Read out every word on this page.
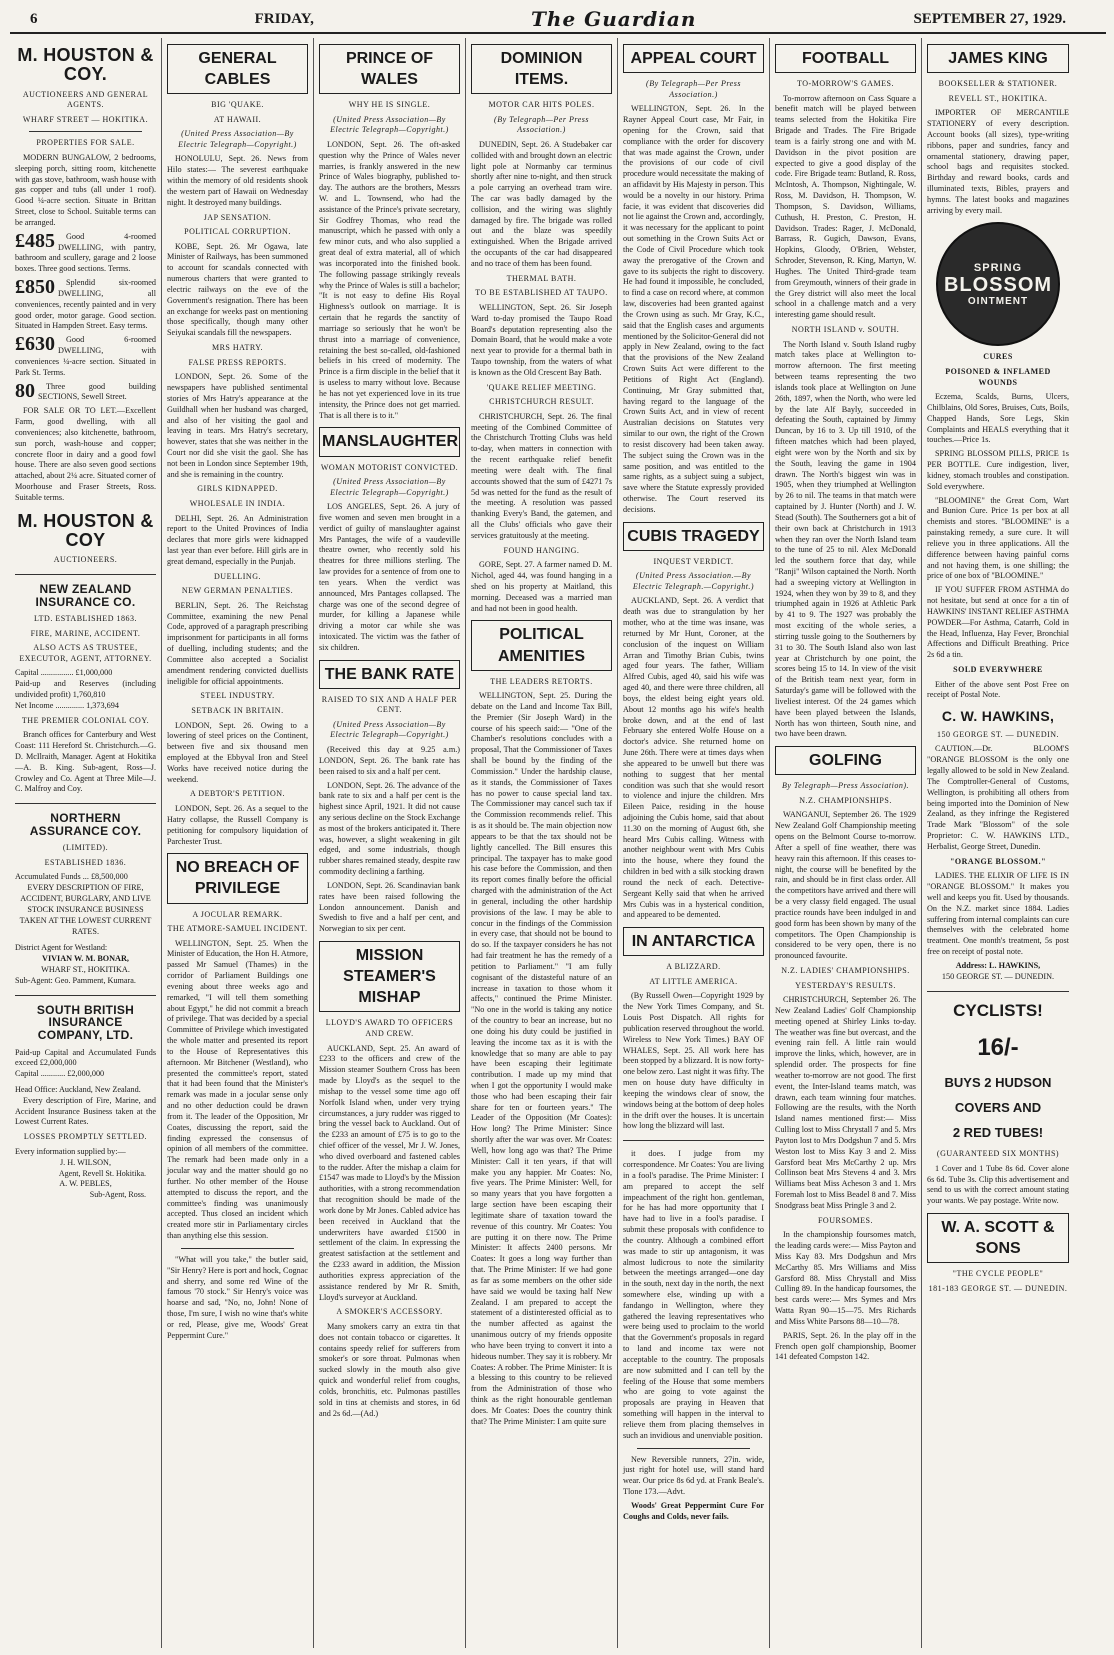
6	FRIDAY,	The Guardian	SEPTEMBER 27, 1929.
M. HOUSTON & COY.
AUCTIONEERS AND GENERAL AGENTS.
WHARF STREET — HOKITIKA.
PROPERTIES FOR SALE.

MODERN BUNGALOW, 2 bedrooms, sleeping porch, sitting room, kitchenette with gas stove, bathroom, wash house with gas copper and tubs (all under 1 roof). Good ¼-acre section. Situate in Brittan Street, close to School. Suitable terms can be arranged.

£485	Good 4-roomed DWELLING, with pantry, bathroom and scullery, garage and 2 loose boxes. Three good sections. Terms.

£850	Splendid six-roomed DWELLING, all conveniences, recently painted and in very good order, motor garage. Good section. Situated in Hampden Street. Easy terms.

£630	Good 6-roomed DWELLING, with conveniences ¼-acre section. Situated in Park St. Terms.

80	Three good building SECTIONS, Sewell Street.

FOR SALE OR TO LET.—Excellent Farm, good dwelling, with all conveniences; also kitchenette, bathroom, sun porch, wash-house and copper; concrete floor in dairy and a good fowl house. There are also seven good sections attached, about 2¼ acre. Situated corner of Moorhouse and Fraser Streets, Ross. Suitable terms.

M. HOUSTON & COY
AUCTIONEERS.
NEW ZEALAND INSURANCE CO.
LTD. ESTABLISHED 1863.
FIRE, MARINE, ACCIDENT.
ALSO ACTS AS TRUSTEE, EXECUTOR, AGENT, ATTORNEY.
Capital ................ £1,000,000
Paid-up and Reserves (including undivided profit) 1,760,810
Net Income .............. 1,373,694
THE PREMIER COLONIAL COY.

Branch offices for Canterbury and West Coast: 111 Hereford St. Christchurch.—G. D. McIlraith, Manager. Agent at Hokitika—A. B. King. Sub-agent, Ross—J. Crowley and Co. Agent at Three Mile—J. C. Malfroy and Coy.

NORTHERN ASSURANCE COY.
(LIMITED).
ESTABLISHED 1836.
Accumulated Funds ... £8,500,000
EVERY DESCRIPTION OF FIRE, ACCIDENT, BURGLARY, AND LIVE STOCK INSURANCE BUSINESS TAKEN AT THE LOWEST CURRENT RATES.
District Agent for Westland:
VIVIAN W. M. BONAR,
WHARF ST., HOKITIKA.
Sub-Agent: Geo. Pamment, Kumara.
SOUTH BRITISH INSURANCE COMPANY, LTD.
Paid-up Capital and Accumulated Funds exceed £2,000,000
Capital ............ £2,000,000
Head Office: Auckland, New Zealand.

Every description of Fire, Marine, and Accident Insurance Business taken at the Lowest Current Rates.

LOSSES PROMPTLY SETTLED.
Every information supplied by:—
J. H. WILSON,
Agent, Revell St. Hokitika.
A. W. PEBLES,
Sub-Agent, Ross.
GENERAL CABLES
BIG 'QUAKE.
AT HAWAII.
(United Press Association—By Electric Telegraph—Copyright.)

HONOLULU, Sept. 26. News from Hilo states:— The severest earthquake within the memory of old residents shook the western part of Hawaii on Wednesday night. It destroyed many buildings.

JAP SENSATION.
POLITICAL CORRUPTION.

KOBE, Sept. 26. Mr Ogawa, late Minister of Railways, has been summoned to account for scandals connected with numerous charters that were granted to electric railways on the eve of the Government's resignation. There has been an exchange for weeks past on mentioning those specifically, though many other Seiyukai scandals fill the newspapers.

MRS HATRY.
FALSE PRESS REPORTS.

LONDON, Sept. 26. Some of the newspapers have published sentimental stories of Mrs Hatry's appearance at the Guildhall when her husband was charged, and also of her visiting the gaol and leaving in tears. Mrs Hatry's secretary, however, states that she was neither in the Court nor did she visit the gaol. She has not been in London since September 19th, and she is remaining in the country.

GIRLS KIDNAPPED.
WHOLESALE IN INDIA.

DELHI, Sept. 26. An Administration report to the United Provinces of India declares that more girls were kidnapped last year than ever before. Hill girls are in great demand, especially in the Punjab.

DUELLING.
NEW GERMAN PENALTIES.

BERLIN, Sept. 26. The Reichstag Committee, examining the new Penal Code, approved of a paragraph prescribing imprisonment for participants in all forms of duelling, including students; and the Committee also accepted a Socialist amendment rendering convicted duellists ineligible for official appointments.

STEEL INDUSTRY.
SETBACK IN BRITAIN.

LONDON, Sept. 26. Owing to a lowering of steel prices on the Continent, between five and six thousand men employed at the Ebbyval Iron and Steel Works have received notice during the weekend.

A DEBTOR'S PETITION.

LONDON, Sept. 26. As a sequel to the Hatry collapse, the Russell Company is petitioning for compulsory liquidation of Parchester Trust.

NO BREACH OF PRIVILEGE
A JOCULAR REMARK.
THE ATMORE-SAMUEL INCIDENT.

WELLINGTON, Sept. 25. When the Minister of Education, the Hon H. Atmore, passed Mr Samuel (Thames) in the corridor of Parliament Buildings one evening about three weeks ago and remarked, "I will tell them something about Egypt," he did not commit a breach of privilege. That was decided by a special Committee of Privilege which investigated the whole matter and presented its report to the House of Representatives this afternoon. Mr Bitchener (Westland), who presented the committee's report, stated that it had been found that the Minister's remark was made in a jocular sense only and no other deduction could be drawn from it. The leader of the Opposition, Mr Coates, discussing the report, said the finding expressed the consensus of opinion of all members of the committee. The remark had been made only in a jocular way and the matter should go no further. No other member of the House attempted to discuss the report, and the committee's finding was unanimously accepted. Thus closed an incident which created more stir in Parliamentary circles than anything else this session.

"What will you take," the butler said, "Sir Henry? Here is port and hock, Cognac and sherry, and some red Wine of the famous '70 stock." Sir Henry's voice was hoarse and sad, "No, no, John! None of those, I'm sure, I wish no wine that's white or red, Please, give me, Woods' Great Peppermint Cure."

PRINCE OF WALES
WHY HE IS SINGLE.
(United Press Association—By Electric Telegraph—Copyright.)

LONDON, Sept. 26. The oft-asked question why the Prince of Wales never marries, is frankly answered in the new Prince of Wales biography, published to-day. The authors are the brothers, Messrs W. and L. Townsend, who had the assistance of the Prince's private secretary, Sir Godfrey Thomas, who read the manuscript, which he passed with only a few minor cuts, and who also supplied a great deal of extra material, all of which was incorporated into the finished book. The following passage strikingly reveals why the Prince of Wales is still a bachelor; "It is not easy to define His Royal Highness's outlook on marriage. It is certain that he regards the sanctity of marriage so seriously that he won't be thrust into a marriage of convenience, retaining the best so-called, old-fashioned beliefs in his creed of modernity. The Prince is a firm disciple in the belief that it is useless to marry without love. Because he has not yet experienced love in its true intensity, the Prince does not get married. That is all there is to it."

MANSLAUGHTER
WOMAN MOTORIST CONVICTED.
(United Press Association—By Electric Telegraph—Copyright.)

LOS ANGELES, Sept. 26. A jury of five women and seven men brought in a verdict of guilty of manslaughter against Mrs Pantages, the wife of a vaudeville theatre owner, who recently sold his theatres for three millions sterling. The law provides for a sentence of from one to ten years. When the verdict was announced, Mrs Pantages collapsed. The charge was one of the second degree of murder, for killing a Japanese while driving a motor car while she was intoxicated. The victim was the father of six children.

THE BANK RATE
RAISED TO SIX AND A HALF PER CENT.
(United Press Association—By Electric Telegraph—Copyright.)

(Received this day at 9.25 a.m.) LONDON, Sept. 26. The bank rate has been raised to six and a half per cent.

LONDON, Sept. 26. The advance of the bank rate to six and a half per cent is the highest since April, 1921. It did not cause any serious decline on the Stock Exchange as most of the brokers anticipated it. There was, however, a slight weakening in gilt edged, and some industrials, though rubber shares remained steady, despite raw commodity declining a farthing.

LONDON, Sept. 26. Scandinavian bank rates have been raised following the London announcement. Danish and Swedish to five and a half per cent, and Norwegian to six per cent.

MISSION STEAMER'S MISHAP
LLOYD'S AWARD TO OFFICERS AND CREW.

AUCKLAND, Sept. 25. An award of £233 to the officers and crew of the Mission steamer Southern Cross has been made by Lloyd's as the sequel to the mishap to the vessel some time ago off Norfolk Island when, under very trying circumstances, a jury rudder was rigged to bring the vessel back to Auckland. Out of the £233 an amount of £75 is to go to the chief officer of the vessel, Mr J. W. Jones, who dived overboard and fastened cables to the rudder. After the mishap a claim for £1547 was made to Lloyd's by the Mission authorities, with a strong recommendation that recognition should be made of the work done by Mr Jones. Cabled advice has been received in Auckland that the underwriters have awarded £1500 in settlement of the claim. In expressing the greatest satisfaction at the settlement and the £233 award in addition, the Mission authorities express appreciation of the assistance rendered by Mr R. Smith, Lloyd's surveyor at Auckland.

A SMOKER'S ACCESSORY.

Many smokers carry an extra tin that does not contain tobacco or cigarettes. It contains speedy relief for sufferers from smoker's or sore throat. Pulmonas when sucked slowly in the mouth also give quick and wonderful relief from coughs, colds, bronchitis, etc. Pulmonas pastilles sold in tins at chemists and stores, in 6d and 2s 6d.—(Ad.)

DOMINION ITEMS.
MOTOR CAR HITS POLES.
(By Telegraph—Per Press Association.)

DUNEDIN, Sept. 26. A Studebaker car collided with and brought down an electric light pole at Normanby car terminus shortly after nine to-night, and then struck a pole carrying an overhead tram wire. The car was badly damaged by the collision, and the wiring was slightly damaged by fire. The brigade was rolled out and the blaze was speedily extinguished. When the Brigade arrived the occupants of the car had disappeared and no trace of them has been found.

THERMAL BATH.
TO BE ESTABLISHED AT TAUPO.

WELLINGTON, Sept. 26. Sir Joseph Ward to-day promised the Taupo Road Board's deputation representing also the Domain Board, that he would make a vote next year to provide for a thermal bath in Taupo township, from the waters of what is known as the Old Crescent Bay Bath.

'QUAKE RELIEF MEETING.
CHRISTCHURCH RESULT.

CHRISTCHURCH, Sept. 26. The final meeting of the Combined Committee of the Christchurch Trotting Clubs was held to-day, when matters in connection with the recent earthquake relief benefit meeting were dealt with. The final accounts showed that the sum of £4271 7s 5d was netted for the fund as the result of the meeting. A resolution was passed thanking Every's Band, the gatemen, and all the Clubs' officials who gave their services gratuitously at the meeting.

FOUND HANGING.

GORE, Sept. 27. A farmer named D. M. Nichol, aged 44, was found hanging in a shed on his property at Maitland, this morning. Deceased was a married man and had not been in good health.

POLITICAL AMENITIES
THE LEADERS RETORTS.

WELLINGTON, Sept. 25. During the debate on the Land and Income Tax Bill, the Premier (Sir Joseph Ward) in the course of his speech said:— "One of the Chamber's resolutions concludes with a proposal, That the Commissioner of Taxes shall be bound by the finding of the Commission." Under the hardship clause, as it stands, the Commissioner of Taxes has no power to cause special land tax. The Commissioner may cancel such tax if the Commission recommends relief. This is as it should be. The main objection now appears to be that the tax should not be lightly cancelled. The Bill ensures this principal. The taxpayer has to make good his case before the Commission, and then its report comes finally before the official charged with the administration of the Act in general, including the other hardship provisions of the law. I may be able to concur in the findings of the Commission in every case, that should not be bound to do so. If the taxpayer considers he has not had fair treatment he has the remedy of a petition to Parliament." "I am fully cognisant of the distasteful nature of an increase in taxation to those whom it affects," continued the Prime Minister. "No one in the world is taking any notice of the country to bear an increase, but no one doing his duty could be justified in leaving the income tax as it is with the knowledge that so many are able to pay have been escaping their legitimate contribution. I made up my mind that when I got the opportunity I would make those who had been escaping their fair share for ten or fourteen years." The Leader of the Opposition (Mr Coates): How long? The Prime Minister: Since shortly after the war was over. Mr Coates: Well, how long ago was that? The Prime Minister: Call it ten years, if that will make you any happier. Mr Coates: No, five years. The Prime Minister: Well, for so many years that you have forgotten a large section have been escaping their legitimate share of taxation toward the revenue of this country. Mr Coates: You are putting it on there now. The Prime Minister: It affects 2400 persons. Mr Coates: It goes a long way further than that. The Prime Minister: If we had gone as far as some members on the other side have said we would be taxing half New Zealand. I am prepared to accept the statement of a distinterested official as to the number affected as against the unanimous outcry of my friends opposite who have been trying to convert it into a hideous number. They say it is robbery. Mr Coates: A robber. The Prime Minister: It is a blessing to this country to be relieved from the Administration of those who think as the right honourable gentleman does. Mr Coates: Does the country think that? The Prime Minister: I am quite sure

APPEAL COURT
(By Telegraph—Per Press Association.)

WELLINGTON, Sept. 26. In the Rayner Appeal Court case, Mr Fair, in opening for the Crown, said that compliance with the order for discovery that was made against the Crown, under the provisions of our code of civil procedure would necessitate the making of an affidavit by His Majesty in person. This would be a novelty in our history. Prima facie, it was evident that discoveries did not lie against the Crown and, accordingly, it was necessary for the applicant to point out something in the Crown Suits Act or the Code of Civil Procedure which took away the prerogative of the Crown and gave to its subjects the right to discovery. He had found it impossible, he concluded, to find a case on record where, at common law, discoveries had been granted against the Crown using as such. Mr Gray, K.C., said that the English cases and arguments mentioned by the Solicitor-General did not apply in New Zealand, owing to the fact that the provisions of the New Zealand Crown Suits Act were different to the Petitions of Right Act (England). Continuing, Mr Gray submitted that, having regard to the language of the Crown Suits Act, and in view of recent Australian decisions on Statutes very similar to our own, the right of the Crown to resist discovery had been taken away. The subject suing the Crown was in the same position, and was entitled to the same rights, as a subject suing a subject, save where the Statute expressly provided otherwise. The Court reserved its decisions.

CUBIS TRAGEDY
INQUEST VERDICT.
(United Press Association.—By Electric Telegraph.—Copyright.)

AUCKLAND, Sept. 26. A verdict that death was due to strangulation by her mother, who at the time was insane, was returned by Mr Hunt, Coroner, at the conclusion of the inquest on William Arran and Timothy Brian Cubis, twins aged four years. The father, William Alfred Cubis, aged 40, said his wife was aged 40, and there were three children, all boys, the eldest being eight years old. About 12 months ago his wife's health broke down, and at the end of last February she entered Wolfe House on a doctor's advice. She returned home on June 26th. There were at times days when she appeared to be unwell but there was nothing to suggest that her mental condition was such that she would resort to violence and injure the children. Mrs Eileen Paice, residing in the house adjoining the Cubis home, said that about 11.30 on the morning of August 6th, she heard Mrs Cubis calling. Witness with another neighbour went with Mrs Cubis into the house, where they found the children in bed with a silk stocking drawn round the neck of each. Detective-Sergeant Kelly said that when he arrived Mrs Cubis was in a hysterical condition, and appeared to be demented.

IN ANTARCTICA
A BLIZZARD.
AT LITTLE AMERICA.

(By Russell Owen—Copyright 1929 by the New York Times Company, and St. Louis Post Dispatch. All rights for publication reserved throughout the world. Wireless to New York Times.) BAY OF WHALES, Sept. 25. All work here has been stopped by a blizzard. It is now forty-one below zero. Last night it was fifty. The men on house duty have difficulty in keeping the windows clear of snow, the windows being at the bottom of deep holes in the drift over the houses. It is uncertain how long the blizzard will last.

it does. I judge from my correspondence. Mr Coates: You are living in a fool's paradise. The Prime Minister: I am prepared to accept the self impeachment of the right hon. gentleman, for he has had more opportunity that I have had to live in a fool's paradise. I submit these proposals with confidence to the country. Although a combined effort was made to stir up antagonism, it was almost ludicrous to note the similarity between the meetings arranged—one day in the south, next day in the north, the next somewhere else, winding up with a fandango in Wellington, where they gathered the leaving representatives who were being used to proclaim to the world that the Government's proposals in regard to land and income tax were not acceptable to the country. The proposals are now submitted and I can tell by the feeling of the House that some members who are going to vote against the proposals are praying in Heaven that something will happen in the interval to relieve them from placing themselves in such an invidious and unenviable position.

New Reversible runners, 27in. wide, just right for hotel use, will stand hard wear. Our price 8s 6d yd. at Frank Beale's. Tlone 173.—Advt.

Woods' Great Peppermint Cure For Coughs and Colds, never fails.

FOOTBALL
TO-MORROW'S GAMES.

To-morrow afternoon on Cass Square a benefit match will be played between teams selected from the Hokitika Fire Brigade and Trades. The Fire Brigade team is a fairly strong one and with M. Davidson in the pivot position are expected to give a good display of the code. Fire Brigade team: Butland, R. Ross, McIntosh, A. Thompson, Nightingale, W. Ross, M. Davidson, H. Thompson, W. Thompson, S. Davidson, Williams, Cuthush, H. Preston, C. Preston, H. Davidson. Trades: Rager, J. McDonald, Barrass, R. Gugich, Dawson, Evans, Hopkins, Gloody, O'Brien, Webster, Schroder, Stevenson, R. King, Martyn, W. Hughes. The United Third-grade team from Greymouth, winners of their grade in the Grey district will also meet the local school in a challenge match and a very interesting game should result.

NORTH ISLAND v. SOUTH.

The North Island v. South Island rugby match takes place at Wellington to-morrow afternoon. The first meeting between teams representing the two islands took place at Wellington on June 26th, 1897, when the North, who were led by the late Alf Bayly, succeeded in defeating the South, captained by Jimmy Duncan, by 16 to 3. Up till 1910, of the fifteen matches which had been played, eight were won by the North and six by the South, leaving the game in 1904 drawn. The North's biggest win was in 1905, when they triumphed at Wellington by 26 to nil. The teams in that match were captained by J. Hunter (North) and J. W. Stead (South). The Southerners got a bit of their own back at Christchurch in 1913 when they ran over the North Island team to the tune of 25 to nil. Alex McDonald led the southern force that day, while "Ranji" Wilson captained the North. North had a sweeping victory at Wellington in 1924, when they won by 39 to 8, and they triumphed again in 1926 at Athletic Park by 41 to 9. The 1927 was probably the most exciting of the whole series, a stirring tussle going to the Southerners by 31 to 30. The South Island also won last year at Christchurch by one point, the scores being 15 to 14. In view of the visit of the British team next year, form in Saturday's game will be followed with the liveliest interest. Of the 24 games which have been played between the Islands, North has won thirteen, South nine, and two have been drawn.

GOLFING
By Telegraph—Press Association).
N.Z. CHAMPIONSHIPS.

WANGANUI, September 26. The 1929 New Zealand Golf Championship meeting opens on the Belmont Course to-morrow. After a spell of fine weather, there was heavy rain this afternoon. If this ceases to-night, the course will be benefited by the rain, and should be in first class order. All the competitors have arrived and there will be a very classy field engaged. The usual practice rounds have been indulged in and good form has been shown by many of the competitors. The Open Championship is considered to be very open, there is no pronounced favourite.

N.Z. LADIES' CHAMPIONSHIPS.
YESTERDAY'S RESULTS.

CHRISTCHURCH, September 26. The New Zealand Ladies' Golf Championship meeting opened at Shirley Links to-day. The weather was fine but overcast, and the evening rain fell. A little rain would improve the links, which, however, are in splendid order. The prospects for fine weather to-morrow are not good. The first event, the Inter-Island teams match, was drawn, each team winning four matches. Following are the results, with the North Island names mentioned first:— Miss Culling lost to Miss Chrystall 7 and 5. Mrs Payton lost to Mrs Dodgshun 7 and 5. Mrs Weston lost to Miss Kay 3 and 2. Miss Garsford beat Mrs McCarthy 2 up. Mrs Collinson beat Mrs Stevens 4 and 3. Mrs Williams beat Miss Acheson 3 and 1. Mrs Foremah lost to Miss Beadel 8 and 7. Miss Snodgrass beat Miss Pringle 3 and 2.

FOURSOMES.

In the championship foursomes match, the leading cards were:— Miss Payton and Miss Kay 83. Mrs Dodgshun and Mrs McCarthy 85. Mrs Williams and Miss Garsford 88. Miss Chrystall and Miss Culling 89. In the handicap foursomes, the best cards were:— Mrs Symes and Mrs Watta Ryan 90—15—75. Mrs Richards and Miss White Parsons 88—10—78.

PARIS, Sept. 26. In the play off in the French open golf championship, Boomer 141 defeated Compston 142.

JAMES KING
BOOKSELLER & STATIONER.
REVELL ST., HOKITIKA.

IMPORTER OF MERCANTILE STATIONERY of every description. Account books (all sizes), type-writing ribbons, paper and sundries, fancy and ornamental stationery, drawing paper, school bags and requisites stocked. Birthday and reward books, cards and illuminated texts, Bibles, prayers and hymns. The latest books and magazines arriving by every mail.

SPRING
BLOSSOM
OINTMENT
CURES
POISONED & INFLAMED WOUNDS

Eczema, Scalds, Burns, Ulcers, Chilblains, Old Sores, Bruises, Cuts, Boils, Chapped Hands, Sore Legs, Skin Complaints and HEALS everything that it touches.—Price 1s.

SPRING BLOSSOM PILLS, PRICE 1s PER BOTTLE. Cure indigestion, liver, kidney, stomach troubles and constipation. Sold everywhere.

"BLOOMINE" the Great Corn, Wart and Bunion Cure. Price 1s per box at all chemists and stores. "BLOOMINE" is a painstaking remedy, a sure cure. It will relieve you in three applications. All the difference between having painful corns and not having them, is one shilling; the price of one box of "BLOOMINE."

IF YOU SUFFER FROM ASTHMA do not hesitate, but send at once for a tin of HAWKINS' INSTANT RELIEF ASTHMA POWDER—For Asthma, Catarrh, Cold in the Head, Influenza, Hay Fever, Bronchial Affections and Difficult Breathing. Price 2s 6d a tin.

SOLD EVERYWHERE

Either of the above sent Post Free on receipt of Postal Note.

C. W. HAWKINS,
150 GEORGE ST. — DUNEDIN.

CAUTION.—Dr. BLOOM'S "ORANGE BLOSSOM is the only one legally allowed to be sold in New Zealand. The Comptroller-General of Customs, Wellington, is prohibiting all others from being imported into the Dominion of New Zealand, as they infringe the Registered Trade Mark "Blossom" of the sole Proprietor: C. W. HAWKINS LTD., Herbalist, George Street, Dunedin.

"ORANGE BLOSSOM."

LADIES. THE ELIXIR OF LIFE IS IN "ORANGE BLOSSOM." It makes you well and keeps you fit. Used by thousands. On the N.Z. market since 1884. Ladies suffering from internal complaints can cure themselves with the celebrated home treatment. One month's treatment, 5s post free on receipt of postal note.

Address: L. HAWKINS,
150 GEORGE ST. — DUNEDIN.
CYCLISTS!
16/-
BUYS 2 HUDSON
COVERS AND
2 RED TUBES!
(GUARANTEED SIX MONTHS)

1 Cover and 1 Tube 8s 6d. Cover alone 6s 6d. Tube 3s. Clip this advertisement and send to us with the correct amount stating your wants. We pay postage. Write now.

W. A. SCOTT & SONS
"THE CYCLE PEOPLE"
181-183 GEORGE ST. — DUNEDIN.
